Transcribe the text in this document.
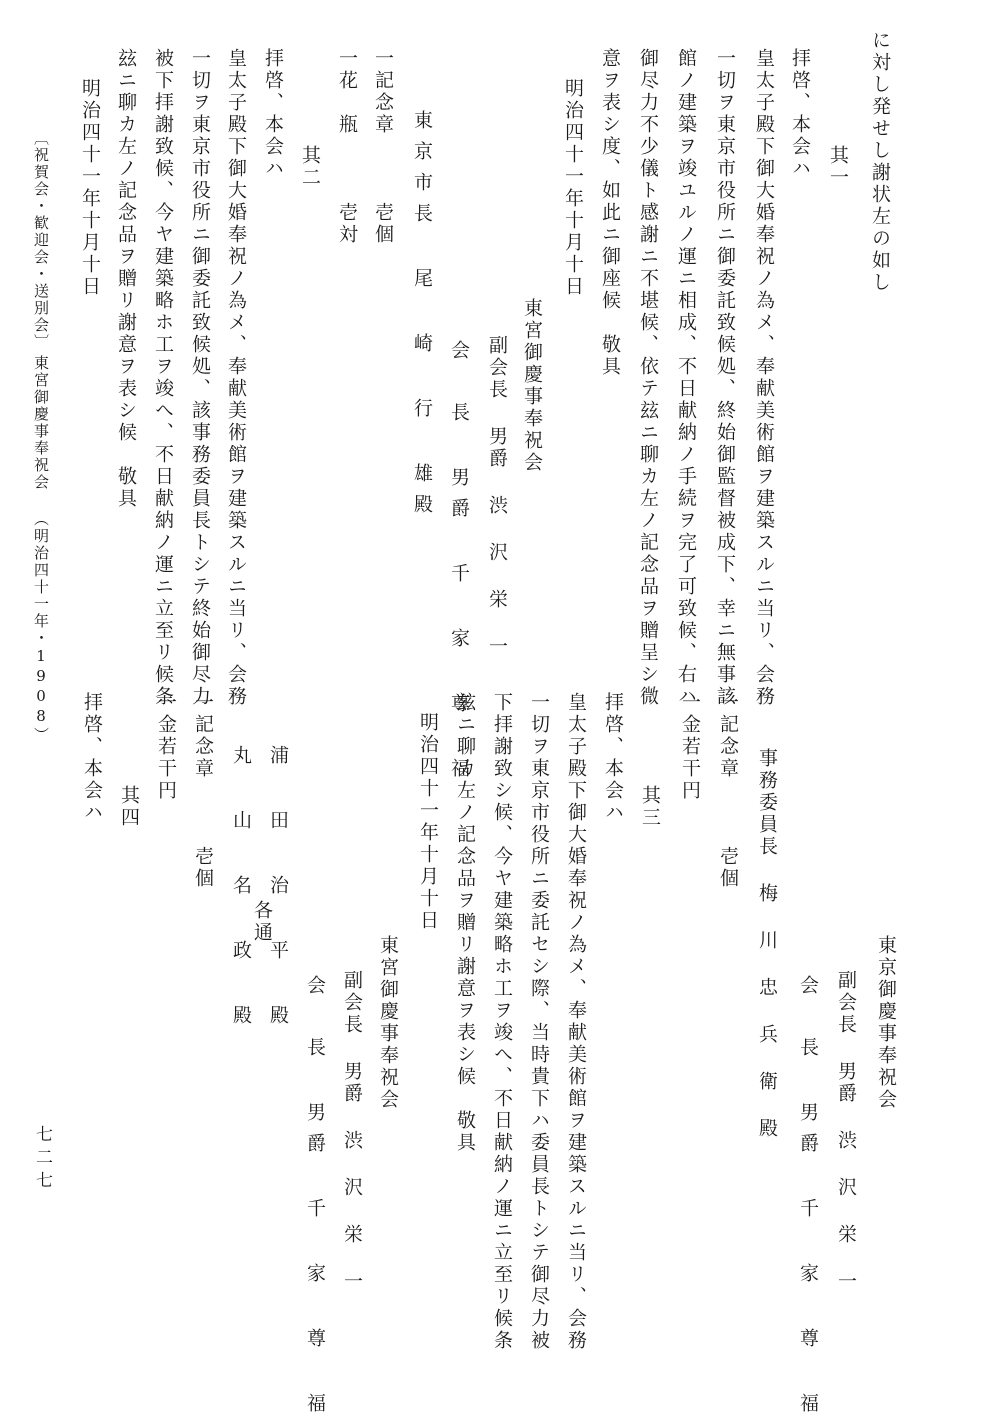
に対し発せし謝状左の如し
其一
拝啓、本会ハ
皇太子殿下御大婚奉祝ノ為メ、奉献美術館ヲ建築スルニ当リ、会務
一切ヲ東京市役所ニ御委託致候処、終始御監督被成下、幸ニ無事該
館ノ建築ヲ竣ユルノ運ニ相成、不日献納ノ手続ヲ完了可致候、右ハ
御尽力不少儀ト感謝ニ不堪候、依テ玆ニ聊カ左ノ記念品ヲ贈呈シ微
意ヲ表シ度、如此ニ御座候　敬具
明治四十一年十月十日
東宮御慶事奉祝会
副会長 男爵 渋 沢 栄 一
会　長 男爵 千 家 尊 福
東京市長 尾 崎 行 雄殿
一記念章　　　壱個
一花　瓶　　　壱対
其二
拝啓、本会ハ
皇太子殿下御大婚奉祝ノ為メ、奉献美術館ヲ建築スルニ当リ、会務
一切ヲ東京市役所ニ御委託致候処、該事務委員長トシテ終始御尽力
被下拝謝致候、今ヤ建築略ホ工ヲ竣へ、不日献納ノ運ニ立至リ候条
玆ニ聊カ左ノ記念品ヲ贈リ謝意ヲ表シ候　敬具
明治四十一年十月十日
東京御慶事奉祝会
副会長 男爵 渋 沢 栄 一
会　長 男爵 千 家 尊 福
事務委員長 梅 川 忠 兵 衛 殿
一記念章　　　壱個
一金若干円
其三
拝啓、本会ハ
皇太子殿下御大婚奉祝ノ為メ、奉献美術館ヲ建築スルニ当リ、会務
一切ヲ東京市役所ニ委託セシ際、当時貴下ハ委員長トシテ御尽力被
下拝謝致シ候、今ヤ建築略ホ工ヲ竣へ、不日献納ノ運ニ立至リ候条
玆ニ聊カ左ノ記念品ヲ贈リ謝意ヲ表シ候　敬具
明治四十一年十月十日
東宮御慶事奉祝会
副会長 男爵 渋 沢 栄 一
会　長 男爵 千 家 尊 福
浦 田 治 平 殿
丸 山 名 政 殿 各通
一記念章　　　壱個
一金若干円
其四
拝啓、本会ハ
〔祝賀会・歓迎会・送別会〕
東宮御慶事奉祝会 （明治四十一年・1908）
七二七
